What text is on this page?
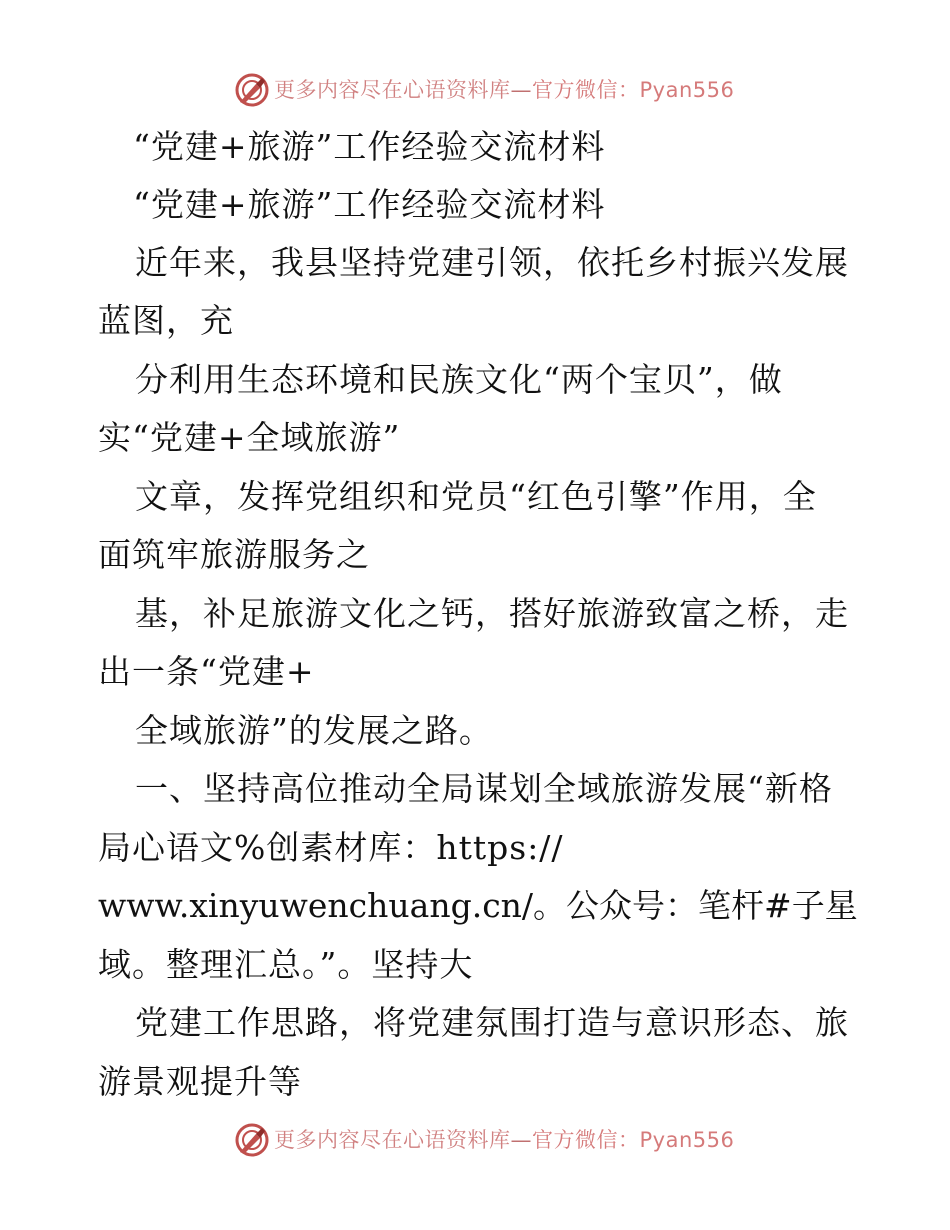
更多内容尽在心语资料库—官方微信：Pyan556
“党建+旅游”工作经验交流材料
“党建+旅游”工作经验交流材料
近年来，我县坚持党建引领，依托乡村振兴发展
蓝图，充
分利用生态环境和民族文化“两个宝贝”，做
实“党建+全域旅游”
文章，发挥党组织和党员“红色引擎”作用，全
面筑牢旅游服务之
基，补足旅游文化之钙，搭好旅游致富之桥，走
出一条“党建+
全域旅游”的发展之路。
一、坚持高位推动全局谋划全域旅游发展“新格
局心语文%创素材库：https://
www.xinyuwenchuang.cn/。公众号：笔杆#子星
域。整理汇总。”。坚持大
党建工作思路，将党建氛围打造与意识形态、旅
游景观提升等
更多内容尽在心语资料库—官方微信：Pyan556
